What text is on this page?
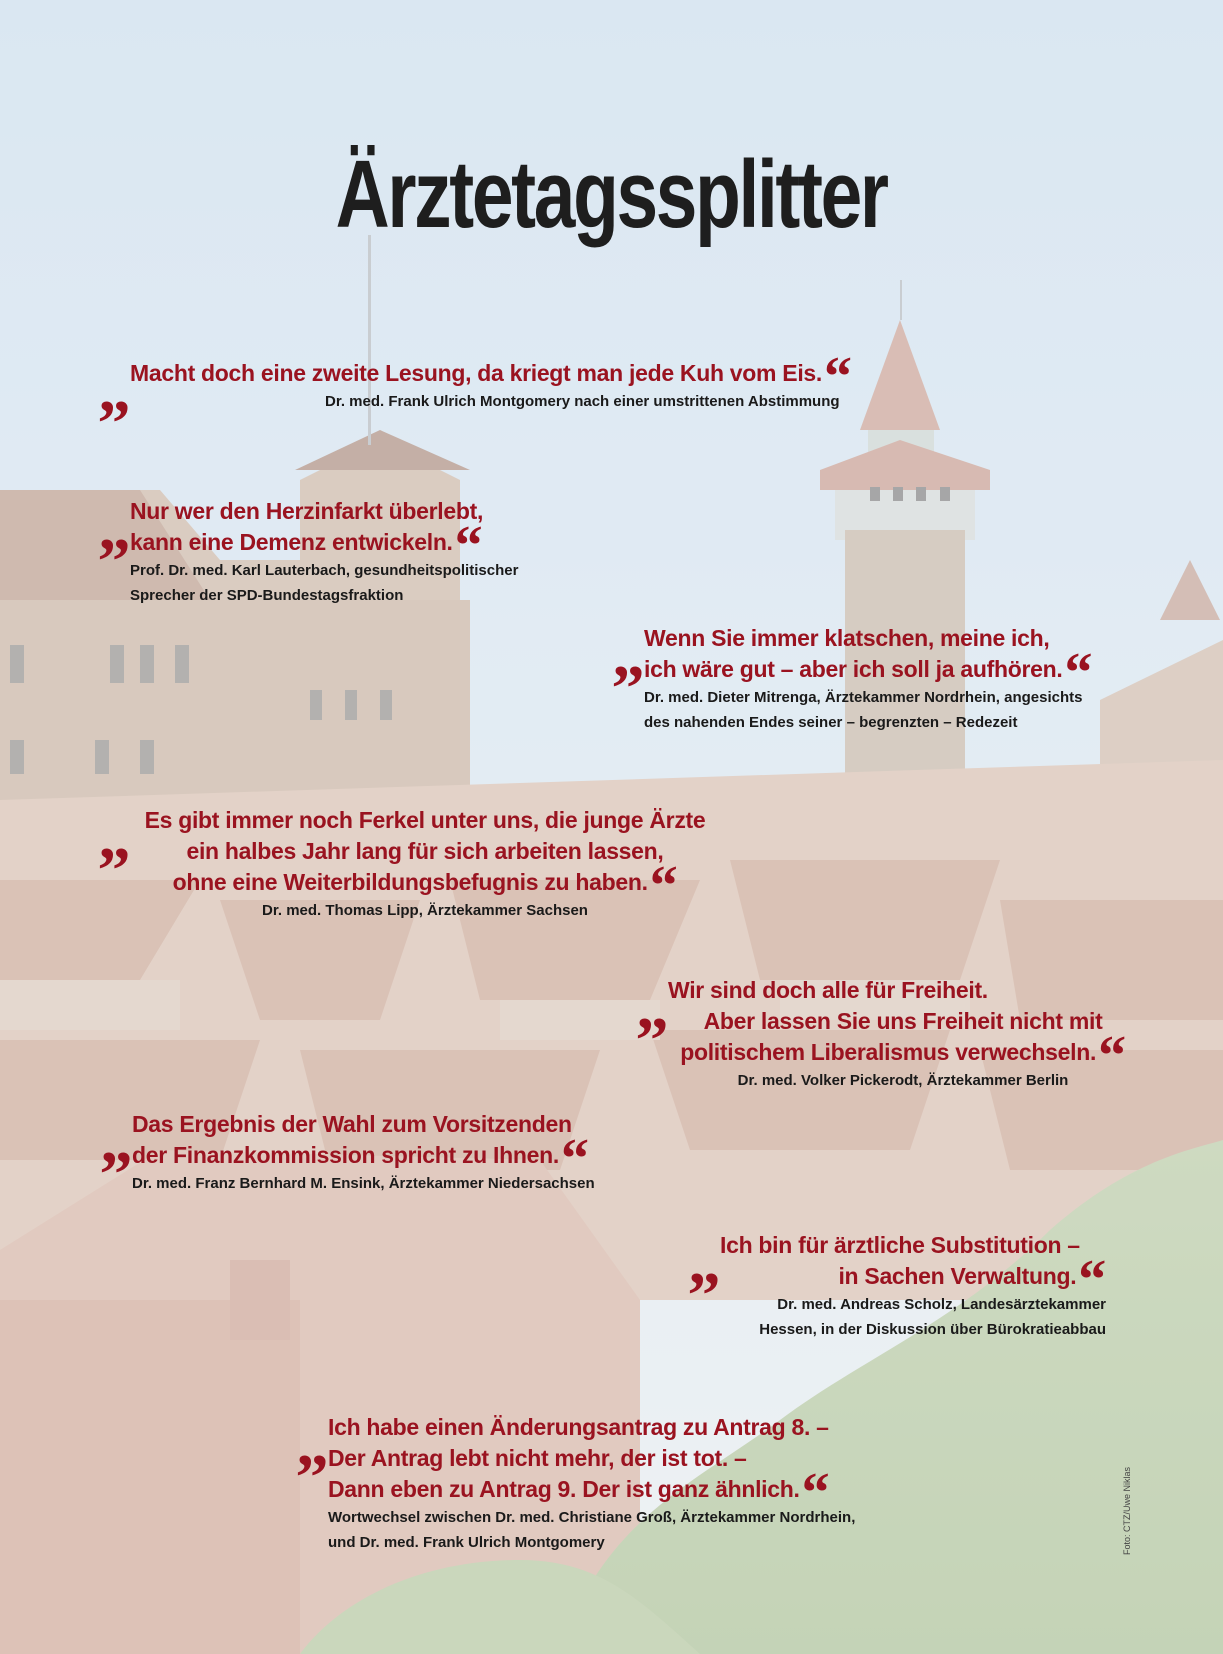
Ärztetagssplitter
„ Macht doch eine zweite Lesung, da kriegt man jede Kuh vom Eis.“
Dr. med. Frank Ulrich Montgomery nach einer umstrittenen Abstimmung
„ Nur wer den Herzinfarkt überlebt,
kann eine Demenz entwickeln.“
Prof. Dr. med. Karl Lauterbach, gesundheitspolitischer
Sprecher der SPD-Bundestagsfraktion
„ Wenn Sie immer klatschen, meine ich,
ich wäre gut – aber ich soll ja aufhören.“
Dr. med. Dieter Mitrenga, Ärztekammer Nordrhein, angesichts
des nahenden Endes seiner – begrenzten – Redezeit
„ Es gibt immer noch Ferkel unter uns, die junge Ärzte
ein halbes Jahr lang für sich arbeiten lassen,
ohne eine Weiterbildungsbefugnis zu haben.“
Dr. med. Thomas Lipp, Ärztekammer Sachsen
„ Wir sind doch alle für Freiheit.
Aber lassen Sie uns Freiheit nicht mit
politischem Liberalismus verwechseln.“
Dr. med. Volker Pickerodt, Ärztekammer Berlin
„ Das Ergebnis der Wahl zum Vorsitzenden
der Finanzkommission spricht zu Ihnen.“
Dr. med. Franz Bernhard M. Ensink, Ärztekammer Niedersachsen
„ Ich bin für ärztliche Substitution –
in Sachen Verwaltung.“
Dr. med. Andreas Scholz, Landesärztekammer
Hessen, in der Diskussion über Bürokratieabbau
„ Ich habe einen Änderungsantrag zu Antrag 8. –
Der Antrag lebt nicht mehr, der ist tot. –
Dann eben zu Antrag 9. Der ist ganz ähnlich.“
Wortwechsel zwischen Dr. med. Christiane Groß, Ärztekammer Nordrhein,
und Dr. med. Frank Ulrich Montgomery	Foto: CTZ/Uwe Niklas
